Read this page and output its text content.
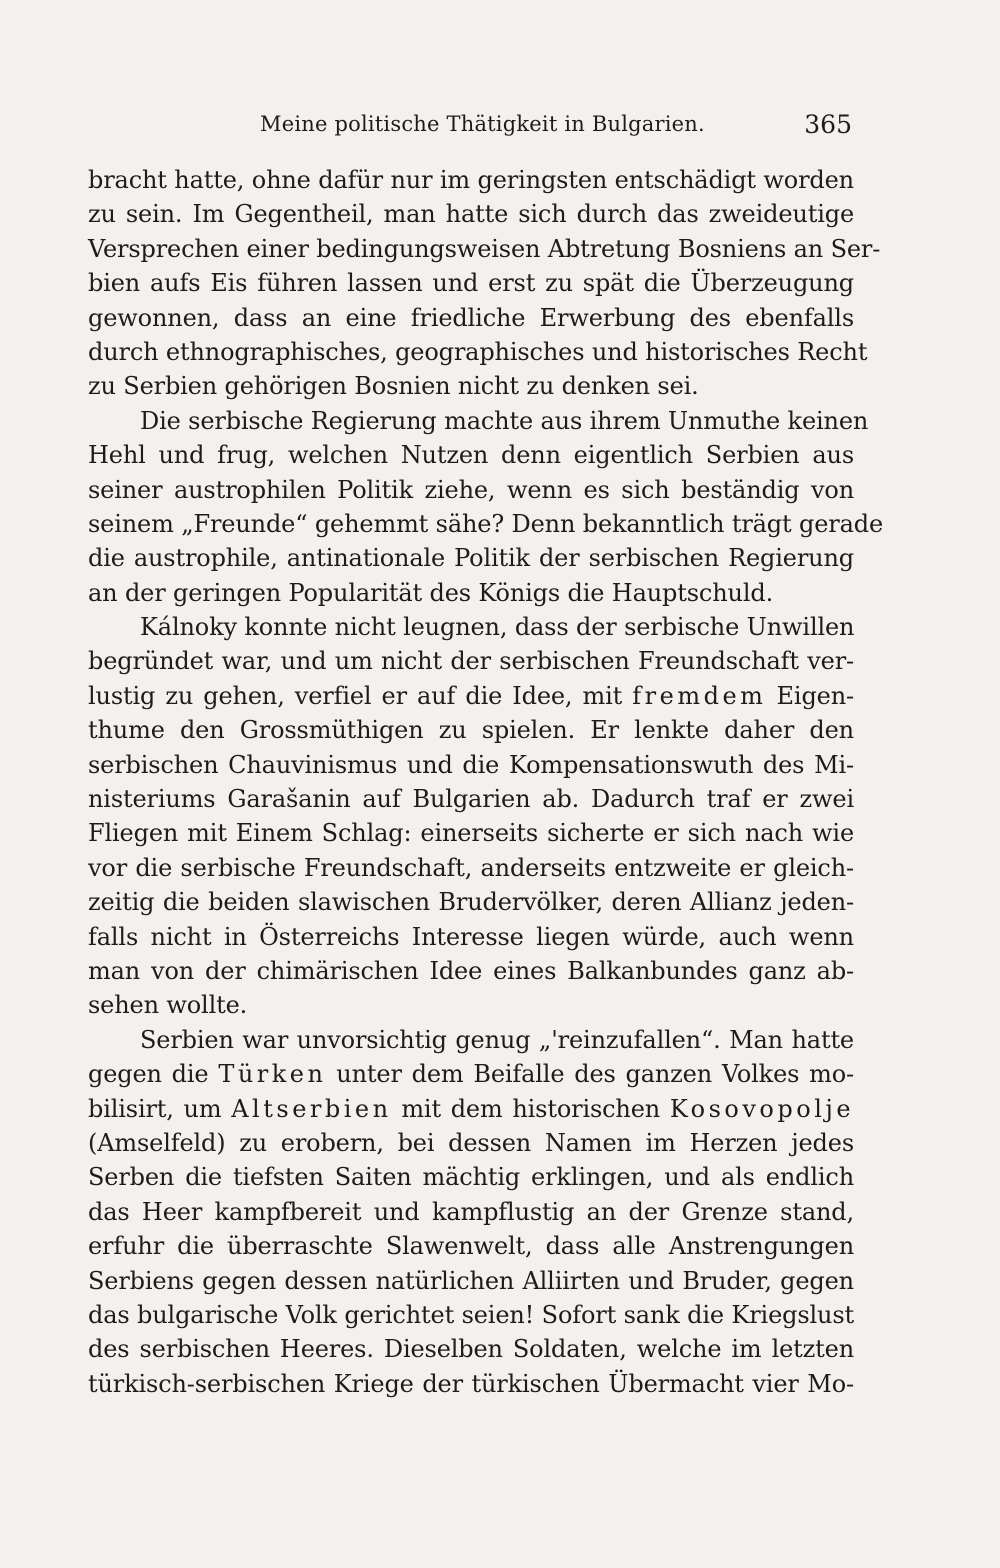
Meine politische Thätigkeit in Bulgarien.	365
bracht hatte, ohne dafür nur im geringsten entschädigt worden
zu sein. Im Gegentheil, man hatte sich durch das zweideutige
Versprechen einer bedingungsweisen Abtretung Bosniens an Ser-
bien aufs Eis führen lassen und erst zu spät die Überzeugung
gewonnen, dass an eine friedliche Erwerbung des ebenfalls
durch ethnographisches, geographisches und historisches Recht
zu Serbien gehörigen Bosnien nicht zu denken sei.
Die serbische Regierung machte aus ihrem Unmuthe keinen
Hehl und frug, welchen Nutzen denn eigentlich Serbien aus
seiner austrophilen Politik ziehe, wenn es sich beständig von
seinem „Freunde“ gehemmt sähe? Denn bekanntlich trägt gerade
die austrophile, antinationale Politik der serbischen Regierung
an der geringen Popularität des Königs die Hauptschuld.
Kálnoky konnte nicht leugnen, dass der serbische Unwillen
begründet war, und um nicht der serbischen Freundschaft ver-
lustig zu gehen, verfiel er auf die Idee, mit fremdem Eigen-
thume den Grossmüthigen zu spielen. Er lenkte daher den
serbischen Chauvinismus und die Kompensationswuth des Mi-
nisteriums Garašanin auf Bulgarien ab. Dadurch traf er zwei
Fliegen mit Einem Schlag: einerseits sicherte er sich nach wie
vor die serbische Freundschaft, anderseits entzweite er gleich-
zeitig die beiden slawischen Brudervölker, deren Allianz jeden-
falls nicht in Österreichs Interesse liegen würde, auch wenn
man von der chimärischen Idee eines Balkanbundes ganz ab-
sehen wollte.
Serbien war unvorsichtig genug „'reinzufallen“. Man hatte
gegen die Türken unter dem Beifalle des ganzen Volkes mo-
bilisirt, um Altserbien mit dem historischen Kosovopolje
(Amselfeld) zu erobern, bei dessen Namen im Herzen jedes
Serben die tiefsten Saiten mächtig erklingen, und als endlich
das Heer kampfbereit und kampflustig an der Grenze stand,
erfuhr die überraschte Slawenwelt, dass alle Anstrengungen
Serbiens gegen dessen natürlichen Alliirten und Bruder, gegen
das bulgarische Volk gerichtet seien! Sofort sank die Kriegslust
des serbischen Heeres. Dieselben Soldaten, welche im letzten
türkisch-serbischen Kriege der türkischen Übermacht vier Mo-
